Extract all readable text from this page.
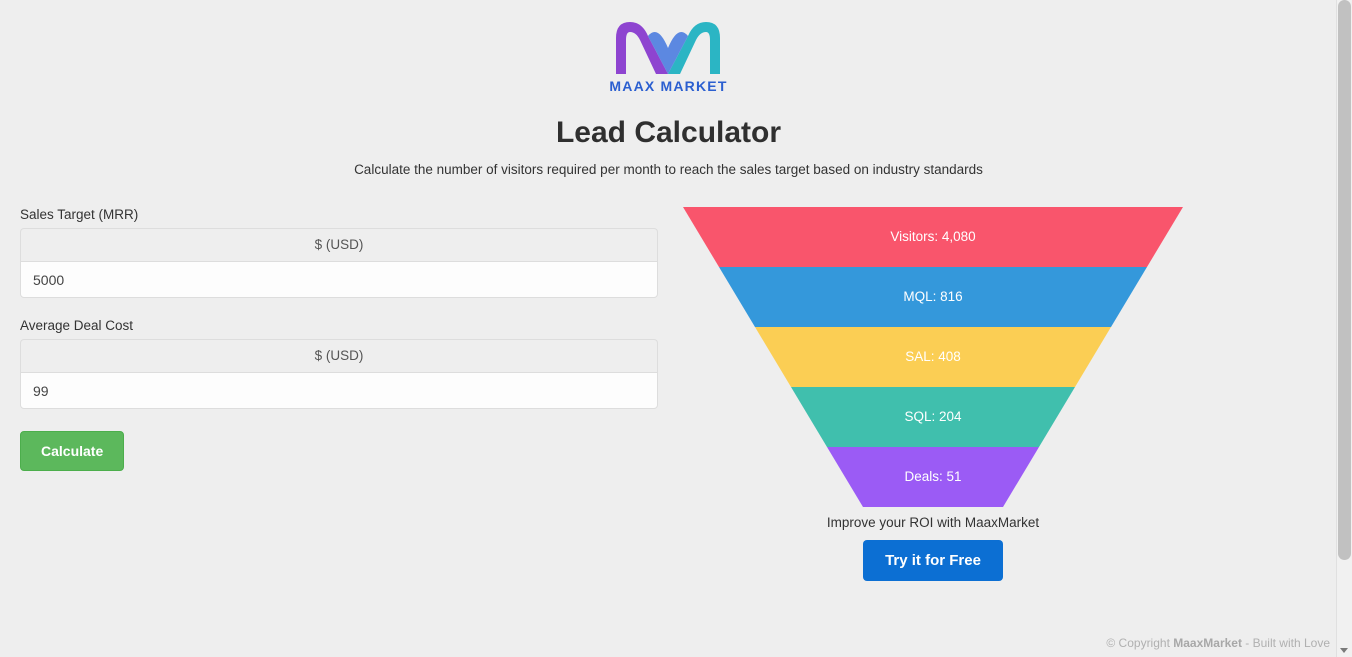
MAAX MARKET
Lead Calculator

Calculate the number of visitors required per month to reach the sales target based on industry standards

Sales Target (MRR)
$ (USD)
5000
Average Deal Cost
$ (USD)
99
Calculate
Visitors: 4,080
MQL: 816
SAL: 408
SQL: 204
Deals: 51
Improve your ROI with MaaxMarket
Try it for Free
© Copyright MaaxMarket - Built with Love
